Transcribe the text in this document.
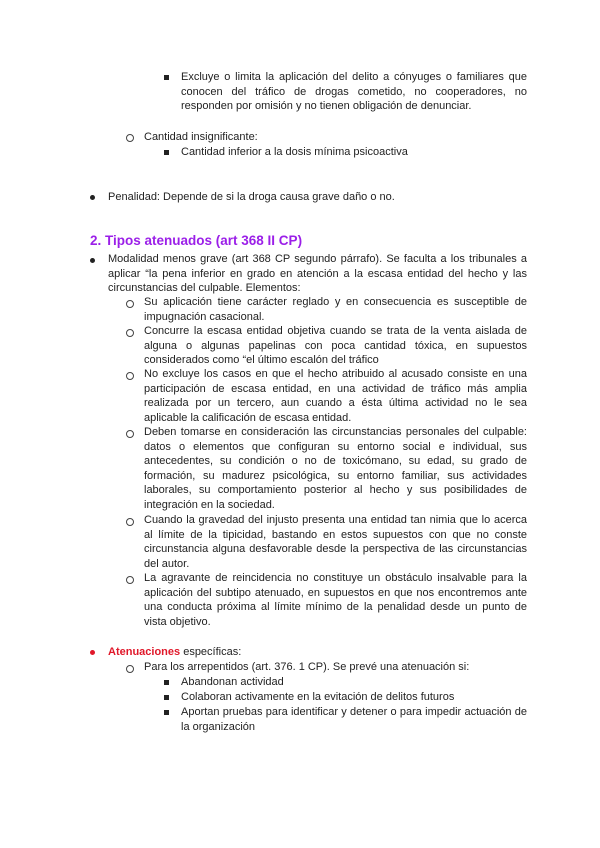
Excluye o limita la aplicación del delito a cónyuges o familiares que conocen del tráfico de drogas cometido, no cooperadores, no responden por omisión y no tienen obligación de denunciar.
Cantidad insignificante:
Cantidad inferior a la dosis mínima psicoactiva
Penalidad: Depende de si la droga causa grave daño o no.
2. Tipos atenuados (art 368 II CP)
Modalidad menos grave (art 368 CP segundo párrafo). Se faculta a los tribunales a aplicar “la pena inferior en grado en atención a la escasa entidad del hecho y las circunstancias del culpable. Elementos:
Su aplicación tiene carácter reglado y en consecuencia es susceptible de impugnación casacional.
Concurre la escasa entidad objetiva cuando se trata de la venta aislada de alguna o algunas papelinas con poca cantidad tóxica, en supuestos considerados como “el último escalón del tráfico
No excluye los casos en que el hecho atribuido al acusado consiste en una participación de escasa entidad, en una actividad de tráfico más amplia realizada por un tercero, aun cuando a ésta última actividad no le sea aplicable la calificación de escasa entidad.
Deben tomarse en consideración las circunstancias personales del culpable: datos o elementos que configuran su entorno social e individual, sus antecedentes, su condición o no de toxicómano, su edad, su grado de formación, su madurez psicológica, su entorno familiar, sus actividades laborales, su comportamiento posterior al hecho y sus posibilidades de integración en la sociedad.
Cuando la gravedad del injusto presenta una entidad tan nimia que lo acerca al límite de la tipicidad, bastando en estos supuestos con que no conste circunstancia alguna desfavorable desde la perspectiva de las circunstancias del autor.
La agravante de reincidencia no constituye un obstáculo insalvable para la aplicación del subtipo atenuado, en supuestos en que nos encontremos ante una conducta próxima al límite mínimo de la penalidad desde un punto de vista objetivo.
Atenuaciones específicas:
Para los arrepentidos (art. 376. 1 CP). Se prevé una atenuación si:
Abandonan actividad
Colaboran activamente en la evitación de delitos futuros
Aportan pruebas para identificar y detener o para impedir actuación de la organización
